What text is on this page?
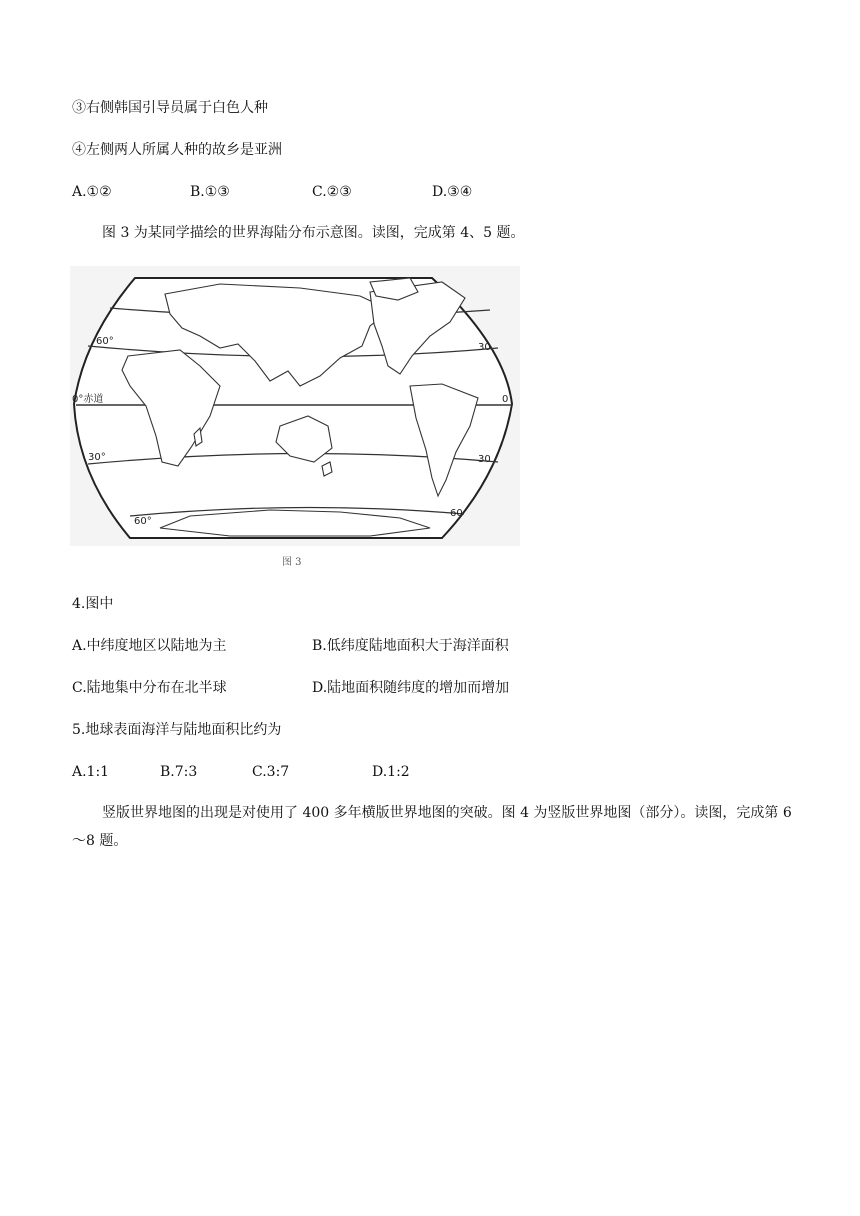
③右侧韩国引导员属于白色人种
④左侧两人所属人种的故乡是亚洲
A.①②	B.①③	C.②③	D.③④
图 3 为某同学描绘的世界海陆分布示意图。读图，完成第 4、5 题。
60°
0°赤道
30°
60°
30
0
30
60
图 3
4.图中
A.中纬度地区以陆地为主	B.低纬度陆地面积大于海洋面积
C.陆地集中分布在北半球	D.陆地面积随纬度的增加而增加
5.地球表面海洋与陆地面积比约为
A.1:1	B.7:3	C.3:7	D.1:2
竖版世界地图的出现是对使用了 400 多年横版世界地图的突破。图 4 为竖版世界地图（部分）。读图，完成第 6～8 题。
